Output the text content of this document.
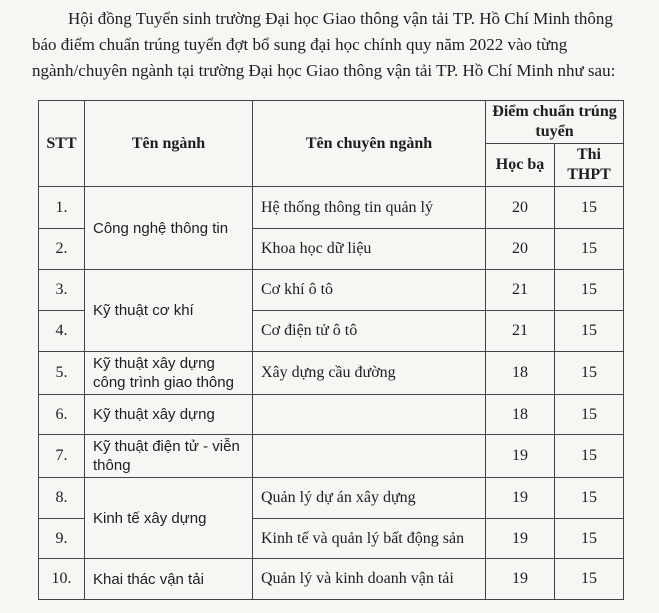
Hội đồng Tuyển sinh trường Đại học Giao thông vận tải TP. Hồ Chí Minh thông
báo điểm chuẩn trúng tuyển đợt bổ sung đại học chính quy năm 2022 vào từng
ngành/chuyên ngành tại trường Đại học Giao thông vận tải TP. Hồ Chí Minh như sau:
STT	Tên ngành	Tên chuyên ngành	Điểm chuẩn trúng tuyển	
			Học bạ	Thi THPT
1.	Công nghệ thông tin	Hệ thống thông tin quản lý	20	15
2.		Khoa học dữ liệu	20	15
3.	Kỹ thuật cơ khí	Cơ khí ô tô	21	15
4.		Cơ điện tử ô tô	21	15
5.	Kỹ thuật xây dựng công trình giao thông	Xây dựng cầu đường	18	15
6.	Kỹ thuật xây dựng		18	15
7.	Kỹ thuật điện tử - viễn thông		19	15
8.	Kinh tế xây dựng	Quản lý dự án xây dựng	19	15
9.		Kinh tế và quản lý bất động sản	19	15
10.	Khai thác vận tải	Quản lý và kinh doanh vận tải	19	15
